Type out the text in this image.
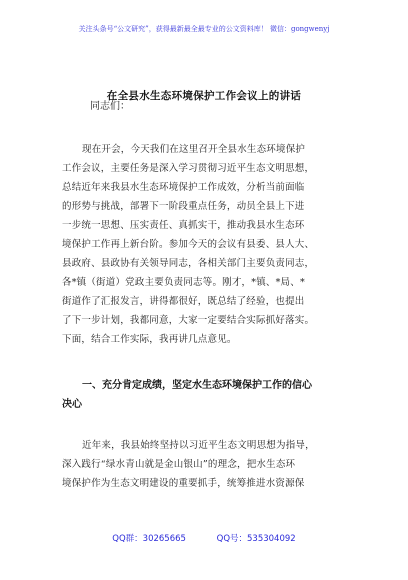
关注头条号“公文研究”，获得最新最全最专业的公文资料库！ 微信：gongwenyj
在全县水生态环境保护工作会议上的讲话
同志们：
现在开会，今天我们在这里召开全县水生态环境保护
工作会议，主要任务是深入学习贯彻习近平生态文明思想，
总结近年来我县水生态环境保护工作成效，分析当前面临
的形势与挑战，部署下一阶段重点任务，动员全县上下进
一步统一思想、压实责任、真抓实干，推动我县水生态环
境保护工作再上新台阶。参加今天的会议有县委、县人大、
县政府、县政协有关领导同志，各相关部门主要负责同志，
各*镇（街道）党政主要负责同志等。刚才，*镇、*局、*
街道作了汇报发言，讲得都很好，既总结了经验，也提出
了下一步计划，我都同意，大家一定要结合实际抓好落实。
下面，结合工作实际，我再讲几点意见。
一、充分肯定成绩，坚定水生态环境保护工作的信心
决心
近年来，我县始终坚持以习近平生态文明思想为指导，
深入践行“绿水青山就是金山银山”的理念，把水生态环
境保护作为生态文明建设的重要抓手，统筹推进水资源保
QQ群：30265665	QQ号：535304092
